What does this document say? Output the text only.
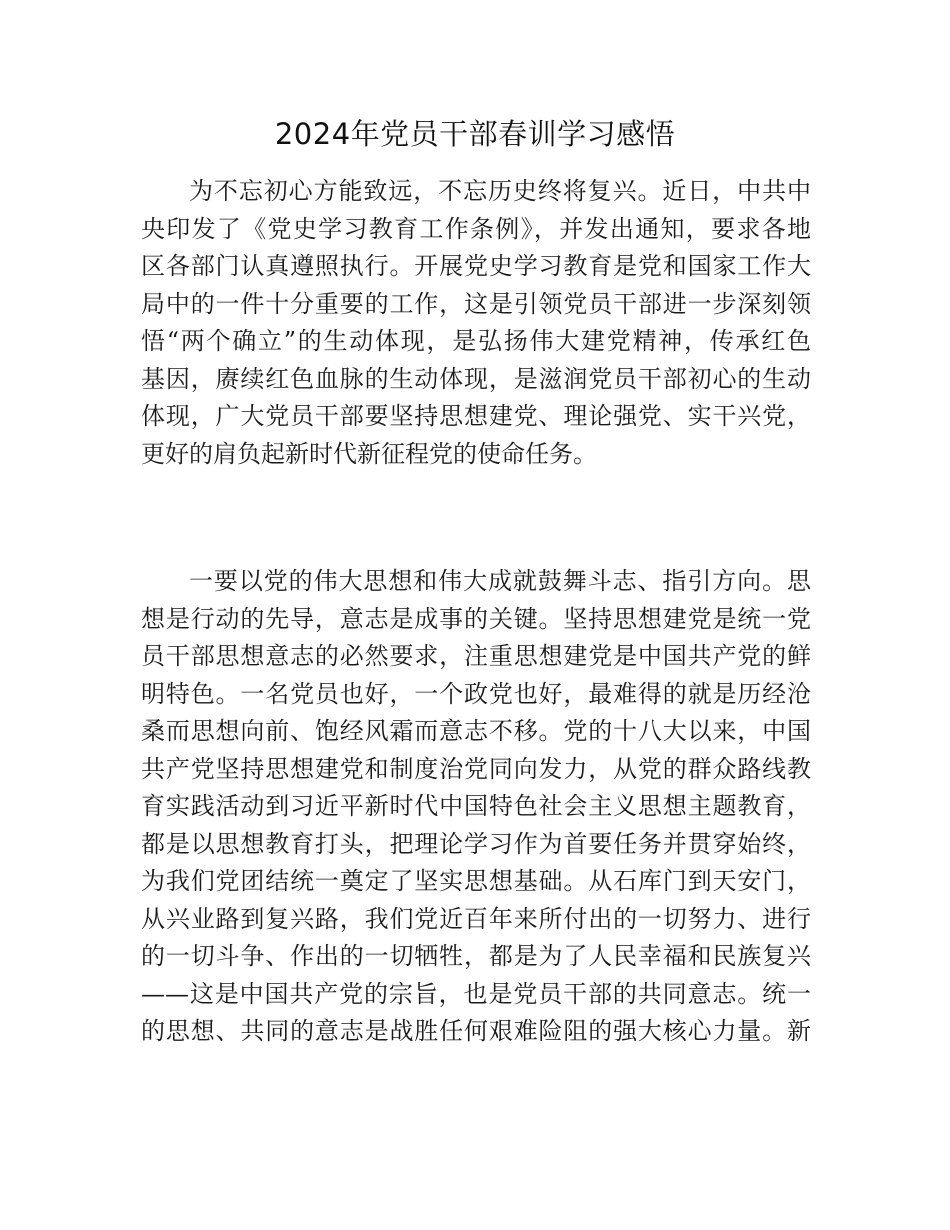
2024年党员干部春训学习感悟
为不忘初心方能致远，不忘历史终将复兴。近日，中共中
央印发了《党史学习教育工作条例》，并发出通知，要求各地
区各部门认真遵照执行。开展党史学习教育是党和国家工作大
局中的一件十分重要的工作，这是引领党员干部进一步深刻领
悟“两个确立”的生动体现，是弘扬伟大建党精神，传承红色
基因，赓续红色血脉的生动体现，是滋润党员干部初心的生动
体现，广大党员干部要坚持思想建党、理论强党、实干兴党，
更好的肩负起新时代新征程党的使命任务。
一要以党的伟大思想和伟大成就鼓舞斗志、指引方向。思
想是行动的先导，意志是成事的关键。坚持思想建党是统一党
员干部思想意志的必然要求，注重思想建党是中国共产党的鲜
明特色。一名党员也好，一个政党也好，最难得的就是历经沧
桑而思想向前、饱经风霜而意志不移。党的十八大以来，中国
共产党坚持思想建党和制度治党同向发力，从党的群众路线教
育实践活动到习近平新时代中国特色社会主义思想主题教育，
都是以思想教育打头，把理论学习作为首要任务并贯穿始终，
为我们党团结统一奠定了坚实思想基础。从石库门到天安门，
从兴业路到复兴路，我们党近百年来所付出的一切努力、进行
的一切斗争、作出的一切牺牲，都是为了人民幸福和民族复兴
——这是中国共产党的宗旨，也是党员干部的共同意志。统一
的思想、共同的意志是战胜任何艰难险阻的强大核心力量。新
